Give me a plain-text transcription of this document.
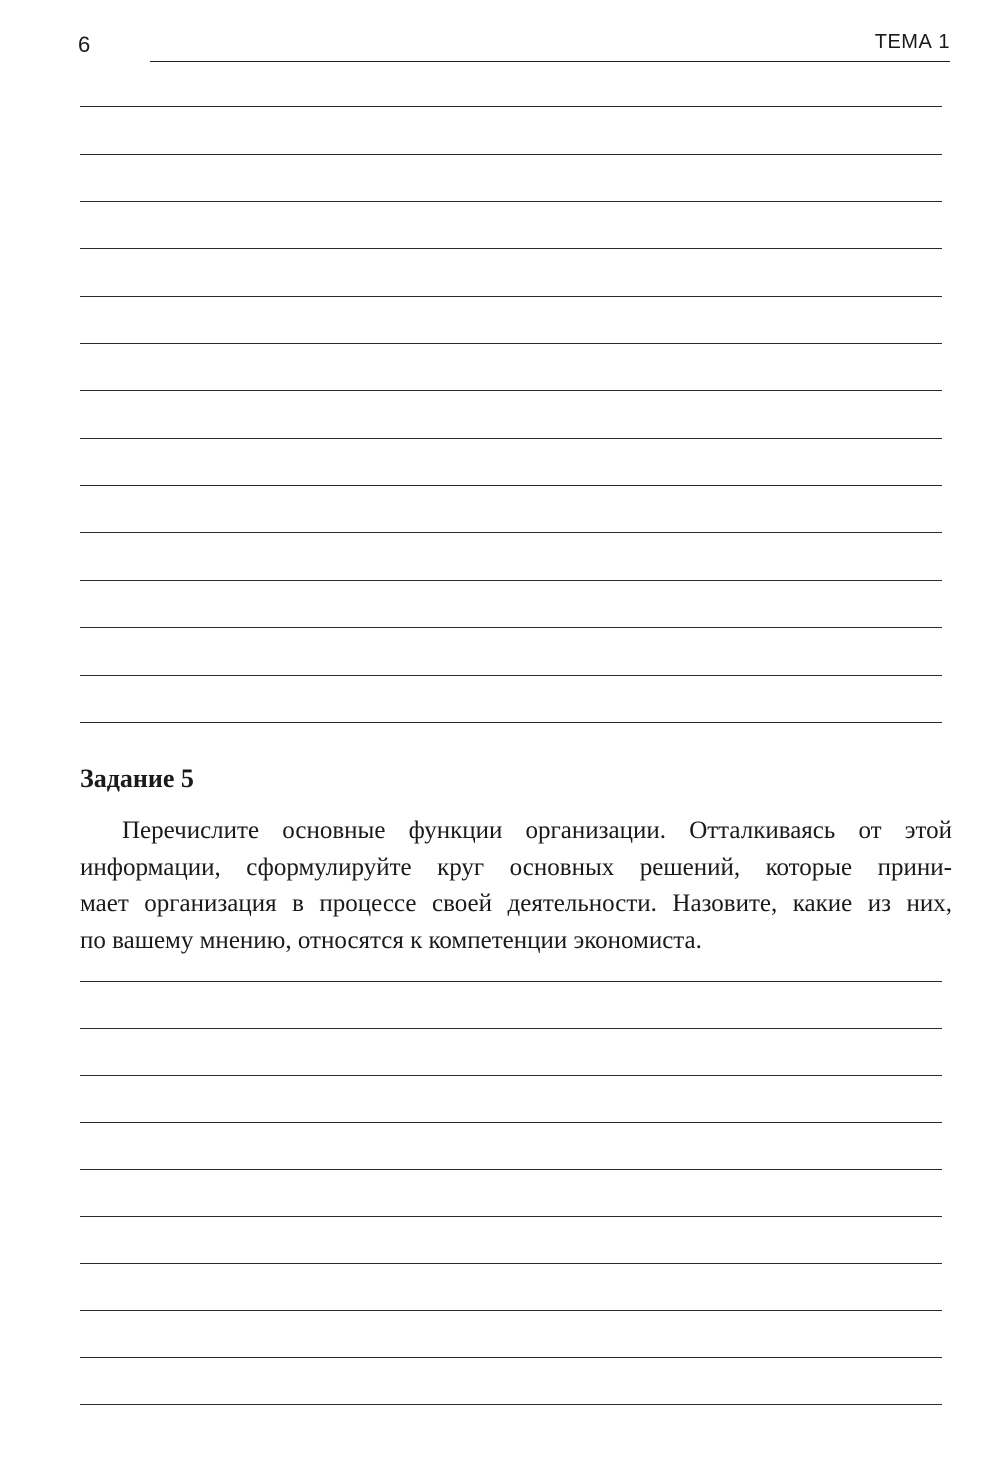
6	ТЕМА 1
Задание 5

Перечислите основные функции организации. Отталкиваясь от этой
информации, сформулируйте круг основных решений, которые прини-
мает организация в процессе своей деятельности. Назовите, какие из них,
по вашему мнению, относятся к компетенции экономиста.
